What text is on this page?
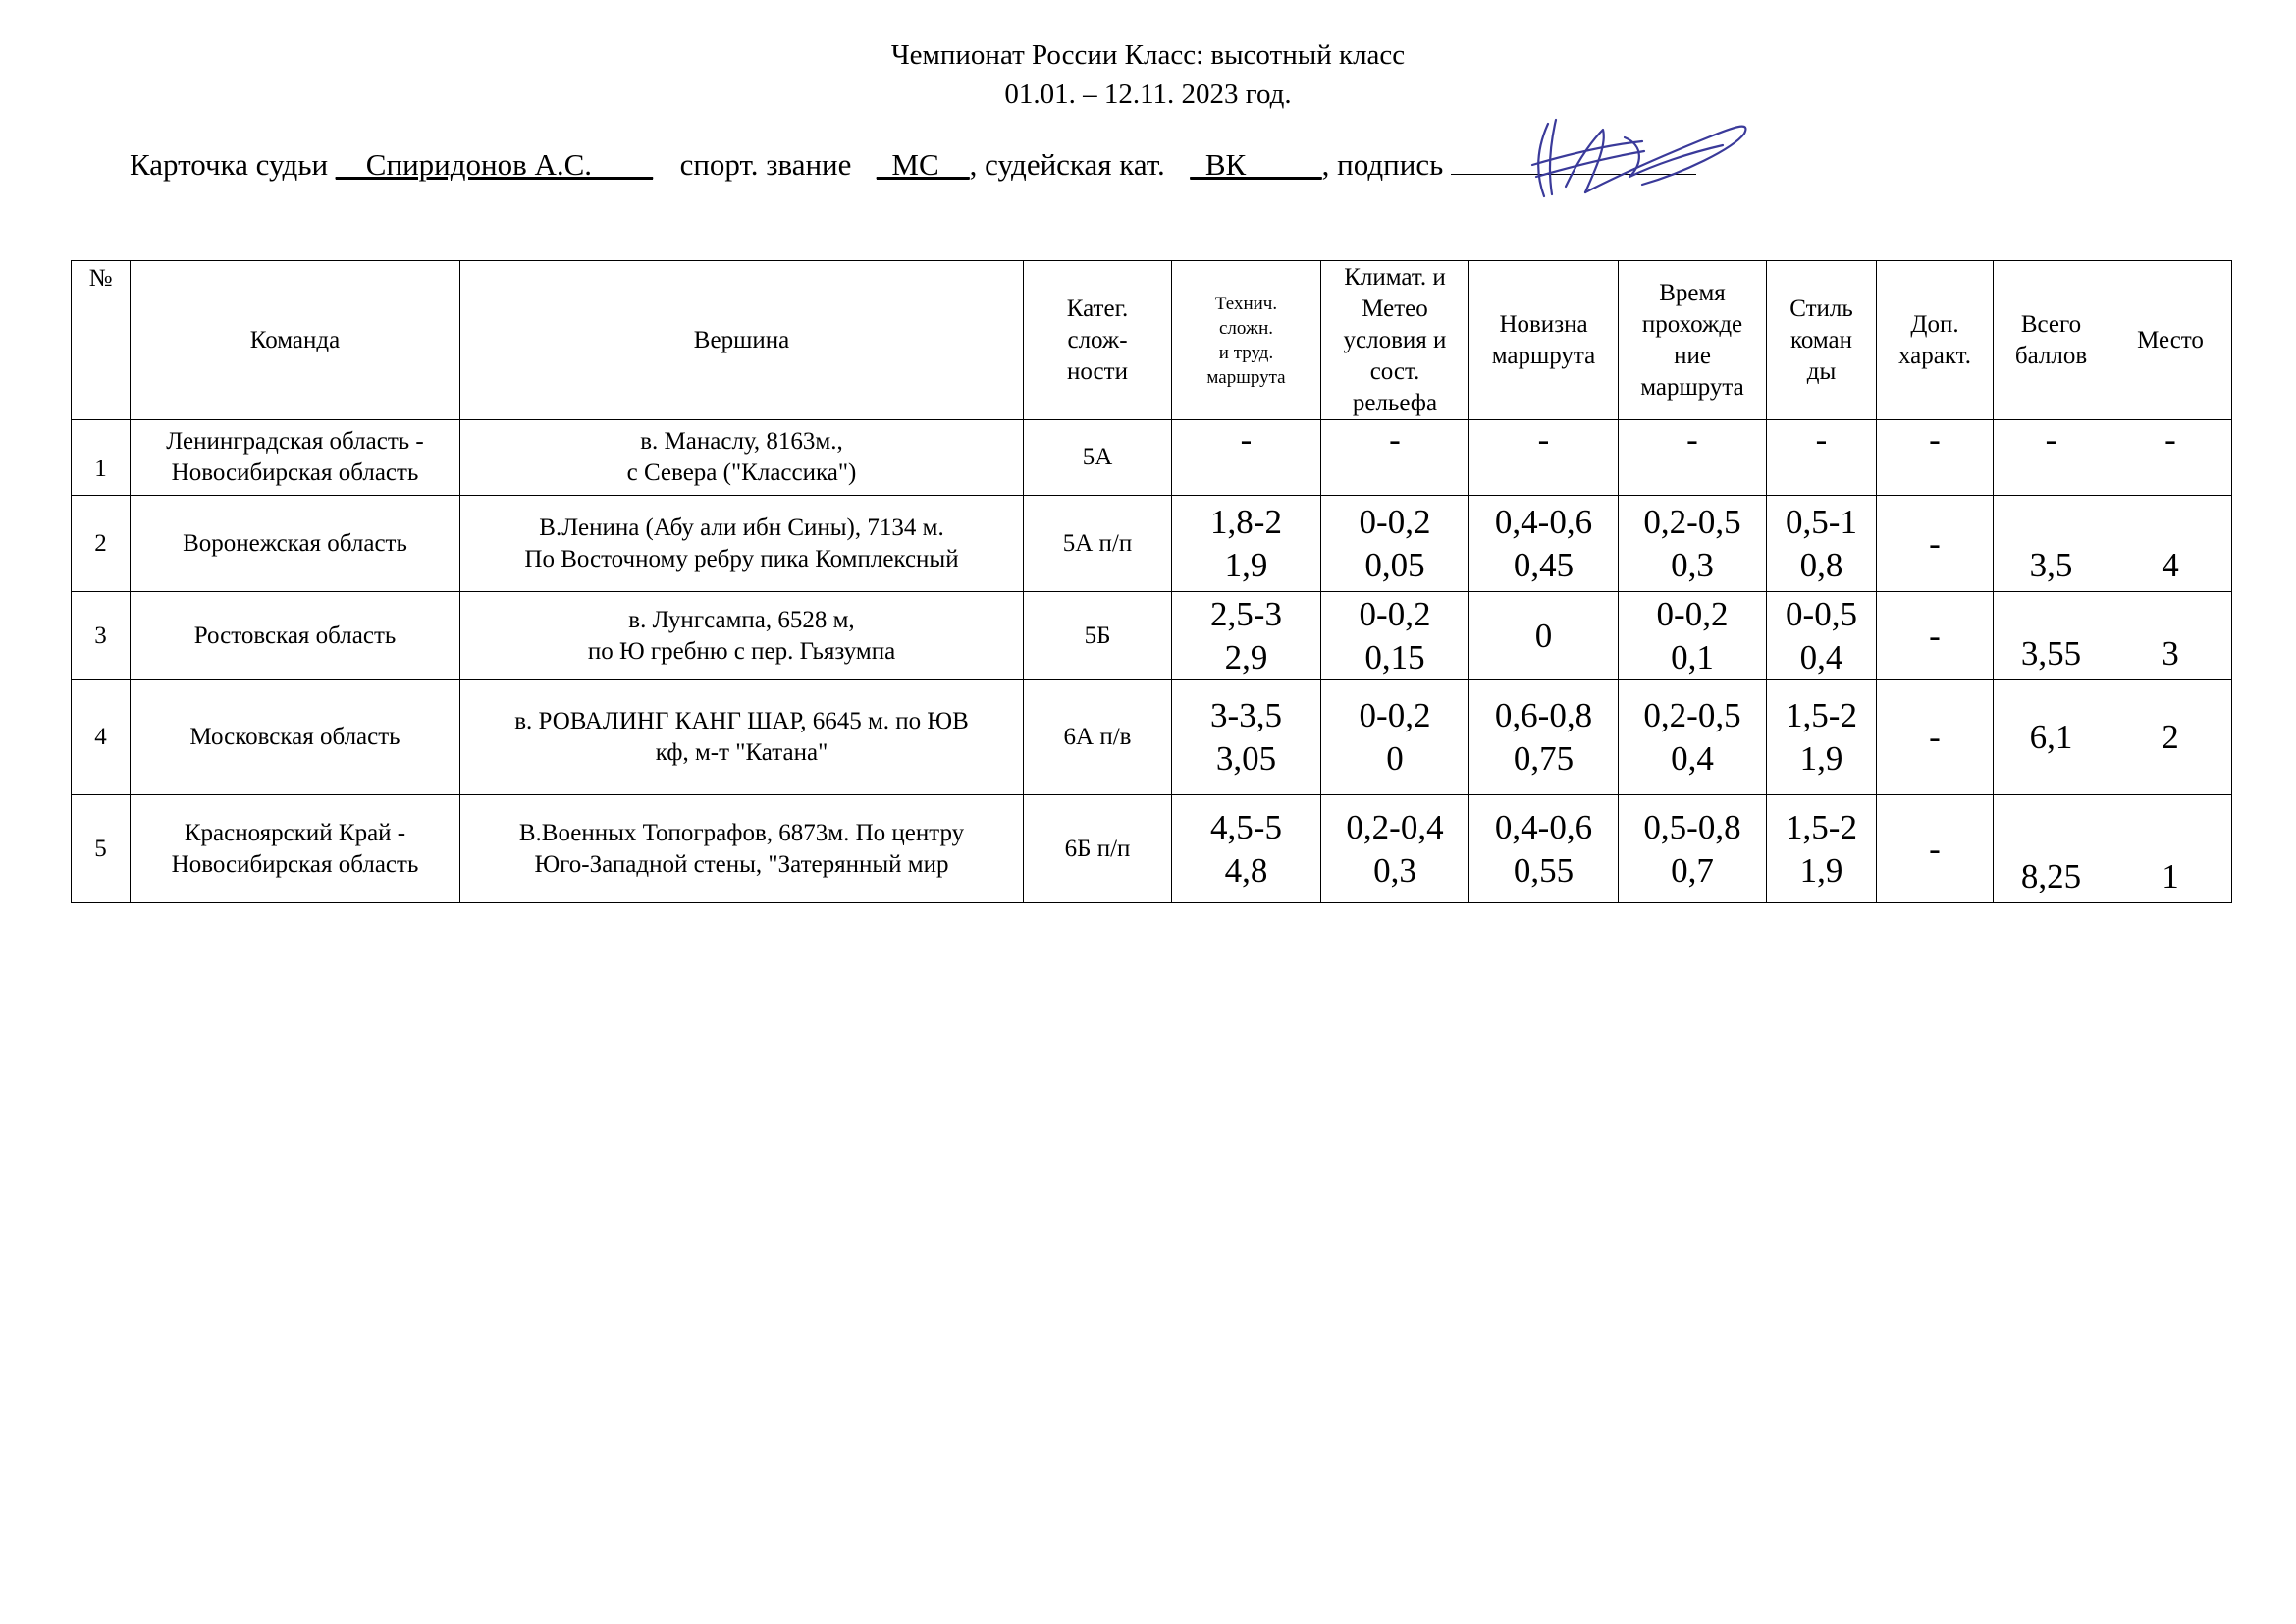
Чемпионат России Класс: высотный класс
01.01. – 12.11. 2023 год.
Карточка судьи __Спиридонов А.С.____ спорт. звание _МС__, судейская кат. _ВК_____, подпись
№	Команда	Вершина	Катег.
слож-
ности	Технич.
сложн.
и труд.
маршрута	Климат. и
Метео
условия и
сост.
рельефа	Новизна
маршрута	Время
прохожде
ние
маршрута	Стиль
коман
ды	Доп.
характ.	Всего
баллов	Место
1	Ленинградская область -
Новосибирская область	в. Манаслу, 8163м.,
с Севера ("Классика")	5А	-	-	-	-	-	-	-	-
2	Воронежская область	В.Ленина (Абу али ибн Сины), 7134 м.
По Восточному ребру пика Комплексный	5А п/п	1,8-2
1,9	0-0,2
0,05	0,4-0,6
0,45	0,2-0,5
0,3	0,5-1
0,8	-	3,5	4
3	Ростовская область	в. Лунгсампа, 6528 м,
по Ю гребню с пер. Гьязумпа	5Б	2,5-3
2,9	0-0,2
0,15	0	0-0,2
0,1	0-0,5
0,4	-	3,55	3
4	Московская область	в. РОВАЛИНГ КАНГ ШАР, 6645 м. по ЮВ
кф, м-т "Катана"	6А п/в	3-3,5
3,05	0-0,2
0	0,6-0,8
0,75	0,2-0,5
0,4	1,5-2
1,9	-	6,1	2
5	Красноярский Край -
Новосибирская область	В.Военных Топографов, 6873м. По центру
Юго-Западной стены, "Затерянный мир	6Б п/п	4,5-5
4,8	0,2-0,4
0,3	0,4-0,6
0,55	0,5-0,8
0,7	1,5-2
1,9	-	8,25	1
